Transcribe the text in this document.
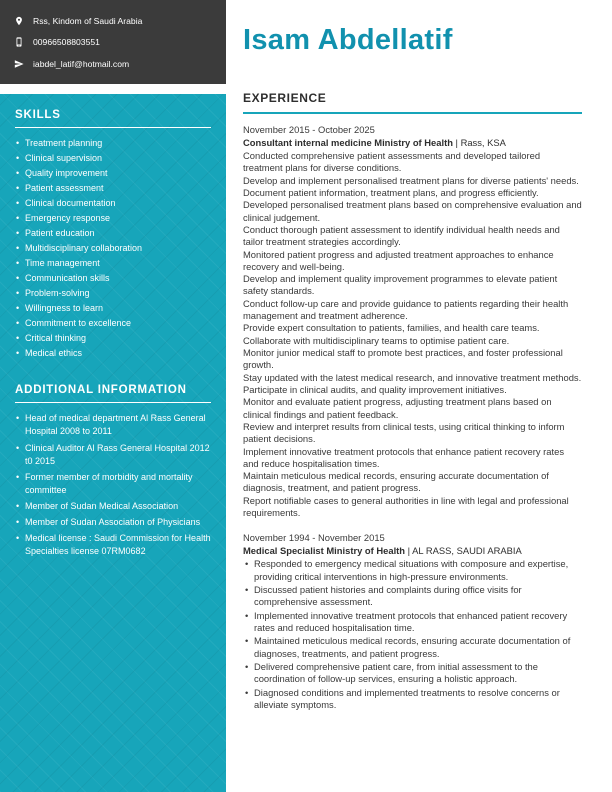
Rss, Kindom of Saudi Arabia
00966508803551
iabdel_latif@hotmail.com
SKILLS
• Treatment planning
• Clinical supervision
• Quality improvement
• Patient assessment
• Clinical documentation
• Emergency response
• Patient education
• Multidisciplinary collaboration
• Time management
• Communication skills
• Problem-solving
• Willingness to learn
• Commitment to excellence
• Critical thinking
• Medical ethics
ADDITIONAL INFORMATION
• Head of medical department Al Rass General Hospital 2008 to 2011
• Clinical Auditor Al Rass General Hospital 2012 t0 2015
• Former member of morbidity and mortality committee
• Member of Sudan Medical Association
• Member of Sudan Association of Physicians
• Medical license : Saudi Commission for Health Specialties license 07RM0682
Isam Abdellatif
EXPERIENCE

November 2015 - October 2025

Consultant internal medicine Ministry of Health | Rass, KSA

Conducted comprehensive patient assessments and developed tailored treatment plans for diverse conditions.

Develop and implement personalised treatment plans for diverse patients' needs.

Document patient information, treatment plans, and progress efficiently.

Developed personalised treatment plans based on comprehensive evaluation and clinical judgement.

Conduct thorough patient assessment to identify individual health needs and tailor treatment strategies accordingly.

Monitored patient progress and adjusted treatment approaches to enhance recovery and well-being.

Develop and implement quality improvement programmes to elevate patient safety standards.

Conduct follow-up care and provide guidance to patients regarding their health management and treatment adherence.

Provide expert consultation to patients, families, and health care teams.

Collaborate with multidisciplinary teams to optimise patient care.

Monitor junior medical staff to promote best practices, and foster professional growth.

Stay updated with the latest medical research, and innovative treatment methods.

Participate in clinical audits, and quality improvement initiatives.

Monitor and evaluate patient progress, adjusting treatment plans based on clinical findings and patient feedback.

Review and interpret results from clinical tests, using critical thinking to inform patient decisions.

Implement innovative treatment protocols that enhance patient recovery rates and reduce hospitalisation times.

Maintain meticulous medical records, ensuring accurate documentation of diagnosis, treatment, and patient progress.

Report notifiable cases to general authorities in line with legal and professional requirements.

November 1994 - November 2015

Medical Specialist Ministry of Health | AL RASS, SAUDI ARABIA

• Responded to emergency medical situations with composure and expertise, providing critical interventions in high-pressure environments.
• Discussed patient histories and complaints during office visits for comprehensive assessment.
• Implemented innovative treatment protocols that enhanced patient recovery rates and reduced hospitalisation time.
• Maintained meticulous medical records, ensuring accurate documentation of diagnoses, treatments, and patient progress.
• Delivered comprehensive patient care, from initial assessment to the coordination of follow-up services, ensuring a holistic approach.
• Diagnosed conditions and implemented treatments to resolve concerns or alleviate symptoms.
